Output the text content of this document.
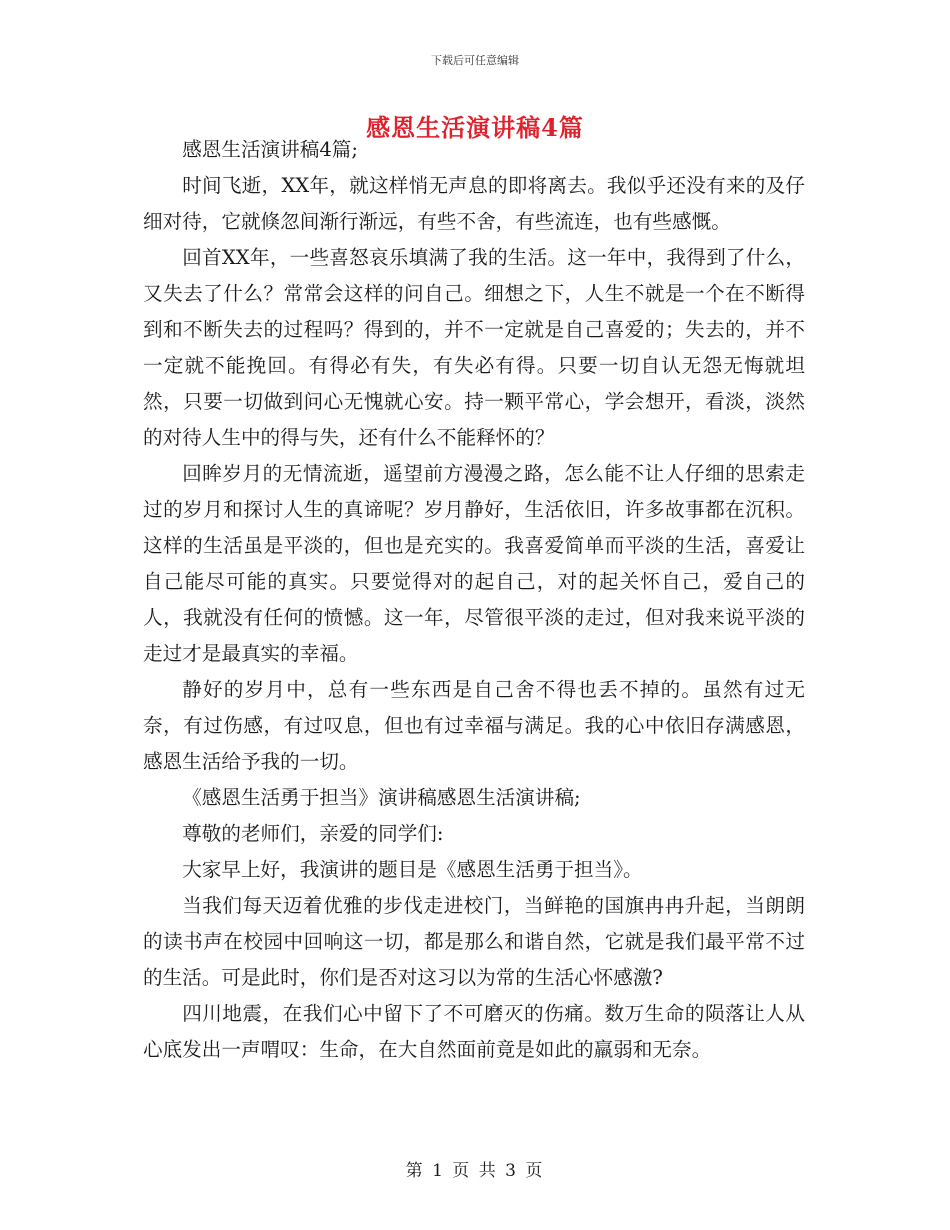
下载后可任意编辑
感恩生活演讲稿4篇

感恩生活演讲稿4篇;

时间飞逝，XX年，就这样悄无声息的即将离去。我似乎还没有来的及仔细对待，它就倏忽间渐行渐远，有些不舍，有些流连，也有些感慨。

回首XX年，一些喜怒哀乐填满了我的生活。这一年中，我得到了什么，又失去了什么？常常会这样的问自己。细想之下，人生不就是一个在不断得到和不断失去的过程吗？得到的，并不一定就是自己喜爱的；失去的，并不一定就不能挽回。有得必有失，有失必有得。只要一切自认无怨无悔就坦然，只要一切做到问心无愧就心安。持一颗平常心，学会想开，看淡，淡然的对待人生中的得与失，还有什么不能释怀的？

回眸岁月的无情流逝，遥望前方漫漫之路，怎么能不让人仔细的思索走过的岁月和探讨人生的真谛呢？岁月静好，生活依旧，许多故事都在沉积。这样的生活虽是平淡的，但也是充实的。我喜爱简单而平淡的生活，喜爱让自己能尽可能的真实。只要觉得对的起自己，对的起关怀自己，爱自己的人，我就没有任何的愤憾。这一年，尽管很平淡的走过，但对我来说平淡的走过才是最真实的幸福。

静好的岁月中，总有一些东西是自己舍不得也丢不掉的。虽然有过无奈，有过伤感，有过叹息，但也有过幸福与满足。我的心中依旧存满感恩，感恩生活给予我的一切。

《感恩生活勇于担当》演讲稿感恩生活演讲稿;

尊敬的老师们，亲爱的同学们:

大家早上好，我演讲的题目是《感恩生活勇于担当》。

当我们每天迈着优雅的步伐走进校门，当鲜艳的国旗冉冉升起，当朗朗的读书声在校园中回响这一切，都是那么和谐自然，它就是我们最平常不过的生活。可是此时，你们是否对这习以为常的生活心怀感激?

四川地震，在我们心中留下了不可磨灭的伤痛。数万生命的陨落让人从心底发出一声喟叹：生命，在大自然面前竟是如此的羸弱和无奈。

第 1 页 共 3 页
